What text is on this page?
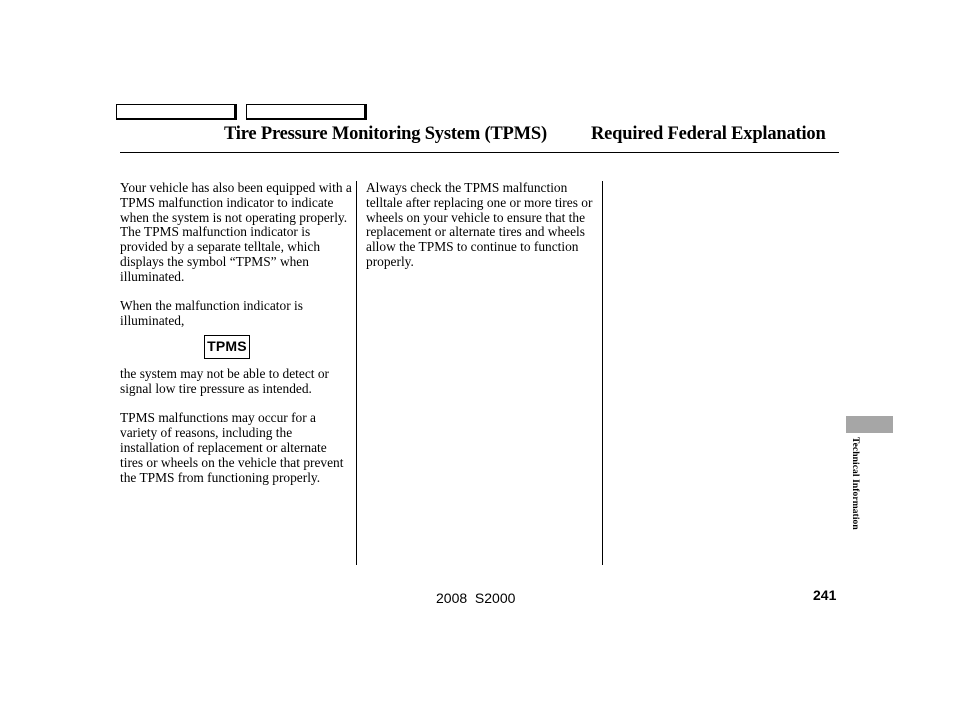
Tire Pressure Monitoring System (TPMS) Required Federal Explanation

Your vehicle has also been equipped with a TPMS malfunction indicator to indicate when the system is not operating properly. The TPMS malfunction indicator is provided by a separate telltale, which displays the symbol “TPMS” when illuminated.

When the malfunction indicator is illuminated,

TPMS

the system may not be able to detect or signal low tire pressure as intended.

TPMS malfunctions may occur for a variety of reasons, including the installation of replacement or alternate tires or wheels on the vehicle that prevent the TPMS from functioning properly.

Always check the TPMS malfunction telltale after replacing one or more tires or wheels on your vehicle to ensure that the replacement or alternate tires and wheels allow the TPMS to continue to function properly.

Technical Information
2008  S2000	241
